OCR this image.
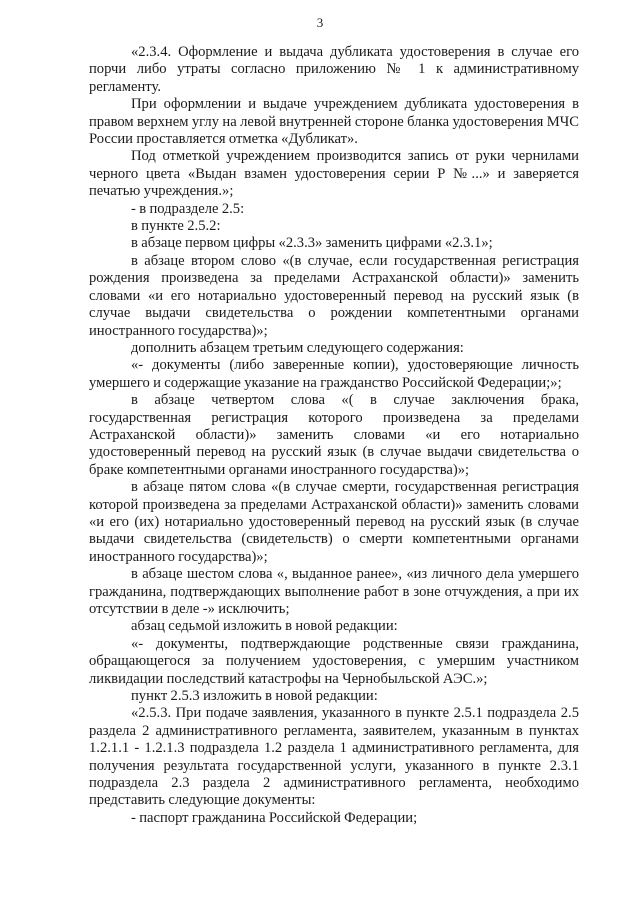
3

«2.3.4. Оформление и выдача дубликата удостоверения в случае его порчи либо утраты согласно приложению № 1 к административному регламенту.

При оформлении и выдаче учреждением дубликата удостоверения в правом верхнем углу на левой внутренней стороне бланка удостоверения МЧС России проставляется отметка «Дубликат».

Под отметкой учреждением производится запись от руки чернилами черного цвета «Выдан взамен удостоверения серии Р №...» и заверяется печатью учреждения.»;

- в подразделе 2.5:

в пункте 2.5.2:

в абзаце первом цифры «2.3.3» заменить цифрами «2.3.1»;

в абзаце втором слово «(в случае, если государственная регистрация рождения произведена за пределами Астраханской области)» заменить словами «и его нотариально удостоверенный перевод на русский язык (в случае выдачи свидетельства о рождении компетентными органами иностранного государства)»;

дополнить абзацем третьим следующего содержания:

«- документы (либо заверенные копии), удостоверяющие личность умершего и содержащие указание на гражданство Российской Федерации;»;

в абзаце четвертом слова «( в случае заключения брака, государственная регистрация которого произведена за пределами Астраханской области)» заменить словами «и его нотариально удостоверенный перевод на русский язык (в случае выдачи свидетельства о браке компетентными органами иностранного государства)»;

в абзаце пятом слова «(в случае смерти, государственная регистрация которой произведена за пределами Астраханской области)» заменить словами «и его (их) нотариально удостоверенный перевод на русский язык (в случае выдачи свидетельства (свидетельств) о смерти компетентными органами иностранного государства)»;

в абзаце шестом слова «, выданное ранее», «из личного дела умершего гражданина, подтверждающих выполнение работ в зоне отчуждения, а при их отсутствии в деле -» исключить;

абзац седьмой изложить в новой редакции:

«- документы, подтверждающие родственные связи гражданина, обращающегося за получением удостоверения, с умершим участником ликвидации последствий катастрофы на Чернобыльской АЭС.»;

пункт 2.5.3 изложить в новой редакции:

«2.5.3. При подаче заявления, указанного в пункте 2.5.1 подраздела 2.5 раздела 2 административного регламента, заявителем, указанным в пунктах 1.2.1.1 - 1.2.1.3 подраздела 1.2 раздела 1 административного регламента, для получения результата государственной услуги, указанного в пункте 2.3.1 подраздела 2.3 раздела 2 административного регламента, необходимо представить следующие документы:

- паспорт гражданина Российской Федерации;
